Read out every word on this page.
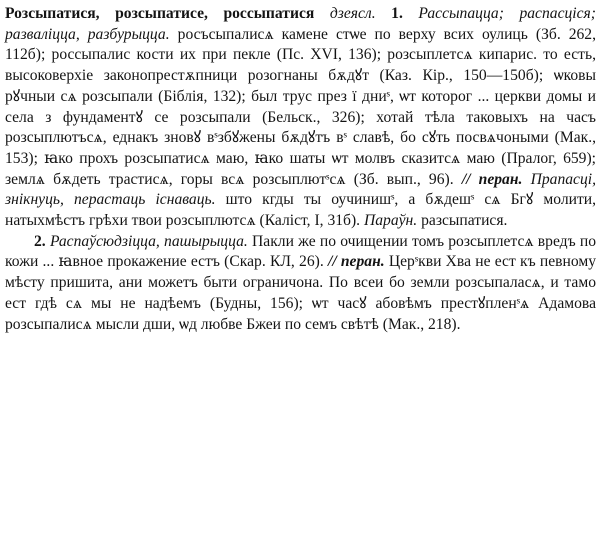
Розсыпатися, розсыпатисе, россыпатися дзеясл. 1. Рассыпацца; распасціся; разваліцца, разбурыцца. росъсыпалисѧ камене стѡе по верху всих оулиць (Зб. 262, 112б); россыпалис кости их при пекле (Пс. XVI, 136); розсыплетсѧ кипарис. то есть, высоковерхіе законопрестѫпници розогнаны бѫдꙋт (Каз. Кір., 150—150б); ѡковы рꙋчныи сѧ розсыпали (Біблія, 132); был трус през ї дниˢ, ѡт которог ... церкви домы и села з фундаментꙋ се розсыпали (Бельск., 326); хотай тѣла таковыхъ на часъ розсыплютъсѧ, еднакъ зновꙋ вˢзбꙋжены бѫдꙋтъ вˢ славѣ, бо сꙋть посвѧчоными (Мак., 153); ꙗко прохъ розсыпатисѧ маю, ꙗко шаты ѡт молвъ сказитсѧ маю (Пралог, 659); землѧ бѫдеть трастисѧ, горы всѧ розсыплютˢсѧ (Зб. вып., 96). // перан. Прапасці, знікнуць, перастаць існаваць. што кгды ты оучинишˢ, а бѫдешˢ сѧ Бгꙋ молити, натыхмѣстъ грѣхи твои розсыплютсѧ (Каліст, I, 31б). Параўн. разсыпатися.

2. Распаўсюдзіцца, пашырыцца. Пакли же по очищении томъ розсыплетсѧ вредъ по кожи ... ꙗвное прокажение естъ (Скар. КЛ, 26). // перан. Церˢкви Хва не ест къ певному мѣсту пришита, ани можетъ быти ограничона. По всеи бо земли розсыпаласѧ, и тамо ест гдѣ сѧ мы не надѣемъ (Будны, 156); ѡт часꙋ абовѣмъ престꙋпленˢѧ Адамова розсыпалисѧ мысли дши, ѡд любве Бжеи по семъ свѣтѣ (Мак., 218).
